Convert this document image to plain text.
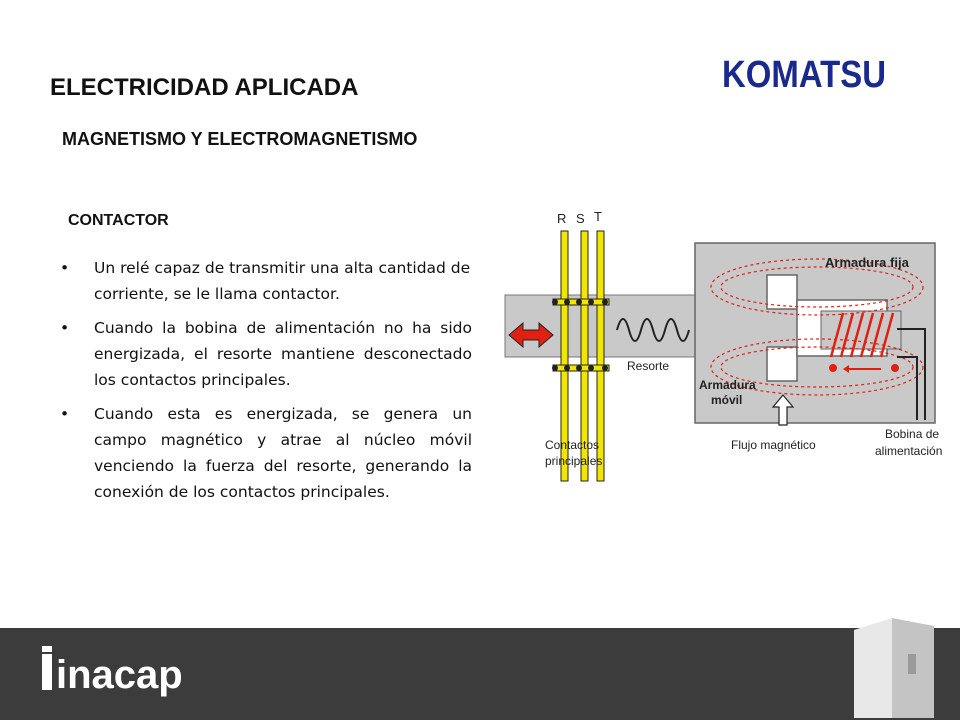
ELECTRICIDAD APLICADA
MAGNETISMO Y ELECTROMAGNETISMO
KOMATSU
CONTACTOR
• Un relé capaz de transmitir una alta cantidad de corriente, se le llama contactor.
• Cuando la bobina de alimentación no ha sido energizada, el resorte mantiene desconectado los contactos principales.
• Cuando esta es energizada, se genera un campo magnético y atrae al núcleo móvil venciendo la fuerza del resorte, generando la conexión de los contactos principales.
R S T
Armadura fija
Resorte
Armadura
móvil
Contactos
principales
Flujo magnético
Bobina de
alimentación
inacap
